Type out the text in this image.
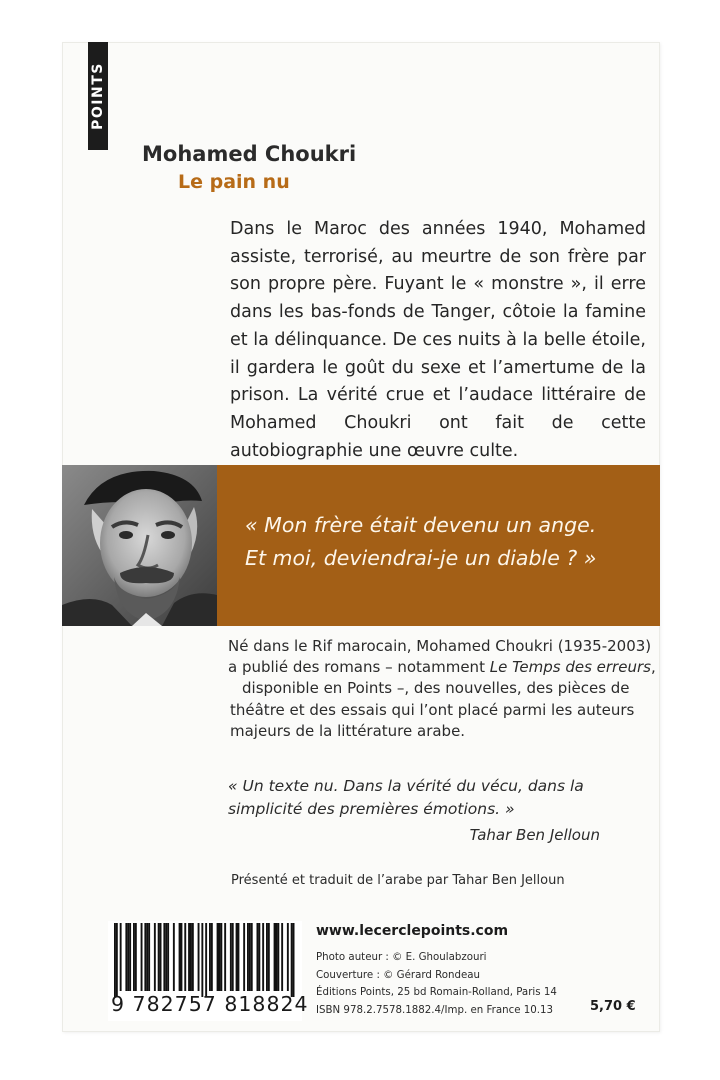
POINTS
Mohamed Choukri
Le pain nu

Dans le Maroc des années 1940, Mohamed assiste, terrorisé, au meurtre de son frère par son propre père. Fuyant le « monstre », il erre dans les bas-fonds de Tanger, côtoie la famine et la délinquance. De ces nuits à la belle étoile, il gardera le goût du sexe et l’amertume de la prison. La vérité crue et l’audace littéraire de Mohamed Choukri ont fait de cette autobiographie une œuvre culte.

« Mon frère était devenu un ange.
Et moi, deviendrai-je un diable ? »

Né dans le Rif marocain, Mohamed Choukri (1935-2003)
a publié des romans – notamment Le Temps des erreurs,
disponible en Points –, des nouvelles, des pièces de
théâtre et des essais qui l’ont placé parmi les auteurs
majeurs de la littérature arabe.

« Un texte nu. Dans la vérité du vécu, dans la
simplicité des premières émotions. »

Tahar Ben Jelloun
Présenté et traduit de l’arabe par Tahar Ben Jelloun
9 782757 818824
www.lecerclepoints.com
Photo auteur : © E. Ghoulabzouri
Couverture : © Gérard Rondeau
Éditions Points, 25 bd Romain-Rolland, Paris 14
ISBN 978.2.7578.1882.4/Imp. en France 10.13	5,70 €
